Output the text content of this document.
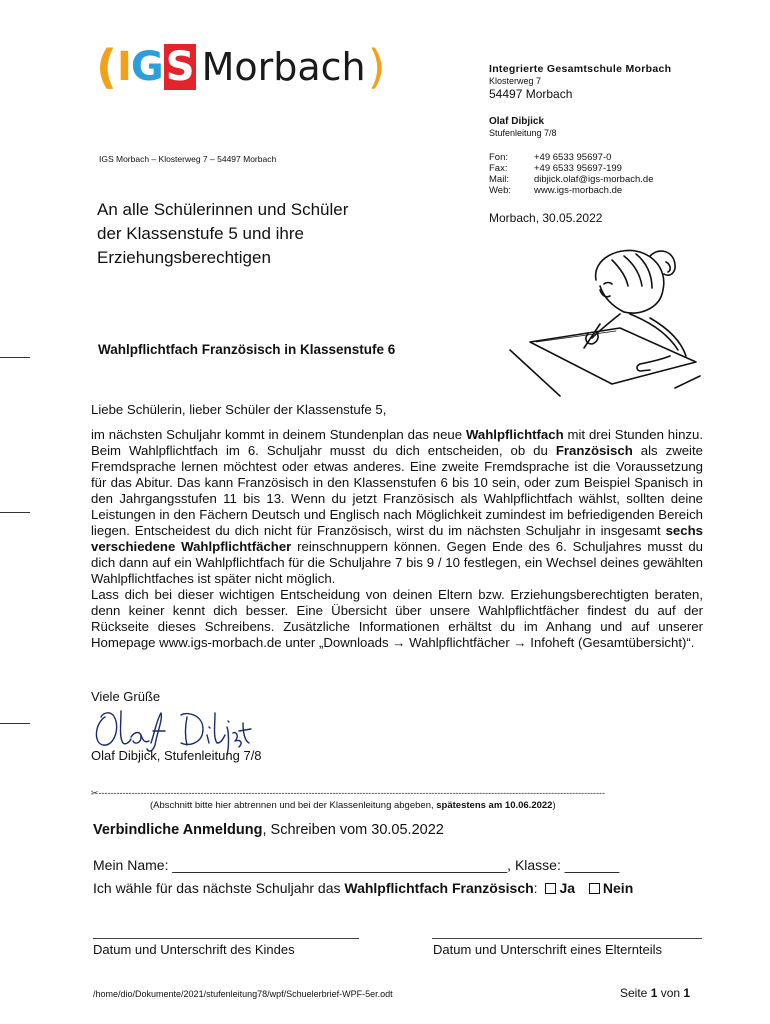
( IGS Morbach )	Integrierte Gesamtschule Morbach
Klosterweg 7
54497 Morbach
Olaf Dibjick
Stufenleitung 7/8
IGS Morbach – Klosterweg 7 – 54497 Morbach	Fon:	+49 6533 95697-0
Fax:	+49 6533 95697-199
Mail:	dibjick.olaf@igs-morbach.de
Web:	www.igs-morbach.de
Morbach, 30.05.2022
An alle Schülerinnen und Schüler
der Klassenstufe 5 und ihre
Erziehungsberechtigen
Wahlpflichtfach Französisch in Klassenstufe 6

Liebe Schülerin, lieber Schüler der Klassenstufe 5,

im nächsten Schuljahr kommt in deinem Stundenplan das neue Wahlpflichtfach mit drei Stunden hinzu. Beim Wahlpflichtfach im 6. Schuljahr musst du dich entscheiden, ob du Französisch als zweite Fremdsprache lernen möchtest oder etwas anderes. Eine zweite Fremdsprache ist die Voraussetzung für das Abitur. Das kann Französisch in den Klassenstufen 6 bis 10 sein, oder zum Beispiel Spanisch in den Jahrgangsstufen 11 bis 13. Wenn du jetzt Französisch als Wahlpflichtfach wählst, sollten deine Leistungen in den Fächern Deutsch und Englisch nach Möglichkeit zumindest im befriedigenden Bereich liegen. Entscheidest du dich nicht für Französisch, wirst du im nächsten Schuljahr in insgesamt sechs verschiedene Wahlpflichtfächer reinschnuppern können. Gegen Ende des 6. Schuljahres musst du dich dann auf ein Wahlpflichtfach für die Schuljahre 7 bis 9 / 10 festlegen, ein Wechsel deines gewählten Wahlpflichtfaches ist später nicht möglich.

Lass dich bei dieser wichtigen Entscheidung von deinen Eltern bzw. Erziehungsberechtigten beraten, denn keiner kennt dich besser. Eine Übersicht über unsere Wahlpflichtfächer findest du auf der Rückseite dieses Schreibens. Zusätzliche Informationen erhältst du im Anhang und auf unserer Homepage www.igs-morbach.de unter „Downloads → Wahlpflichtfächer → Infoheft (Gesamtübersicht)“.

Viele Grüße
Olaf Dibjick, Stufenleitung 7/8
✂-------------------------------------------------------------------------------------------------------------------------------------------------------------------------
(Abschnitt bitte hier abtrennen und bei der Klassenleitung abgeben, spätestens am 10.06.2022)
Verbindliche Anmeldung, Schreiben vom 30.05.2022
Mein Name: ___________________________________________, Klasse: _______
Ich wähle für das nächste Schuljahr das Wahlpflichtfach Französisch: Ja Nein
Datum und Unterschrift des Kindes	Datum und Unterschrift eines Elternteils
/home/dio/Dokumente/2021/stufenleitung78/wpf/Schuelerbrief-WPF-5er.odt	Seite 1 von 1
